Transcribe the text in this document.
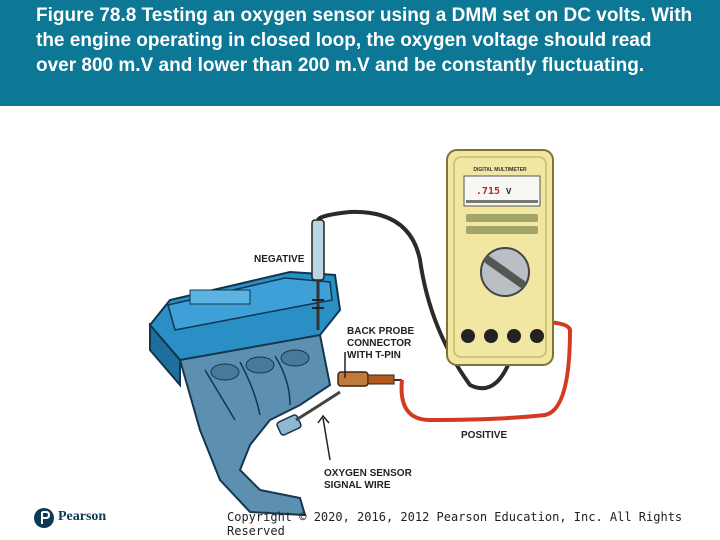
Figure 78.8 Testing an oxygen sensor using a DMM set on DC volts. With the engine operating in closed loop, the oxygen voltage should read over 800 m.V and lower than 200 m.V and be constantly fluctuating.

DIGITAL MULTIMETER
.715 V

NEGATIVE

BACK PROBE
CONNECTOR
WITH T-PIN

POSITIVE

OXYGEN SENSOR
SIGNAL WIRE

Pearson	Copyright © 2020, 2016, 2012 Pearson Education, Inc. All Rights Reserved
